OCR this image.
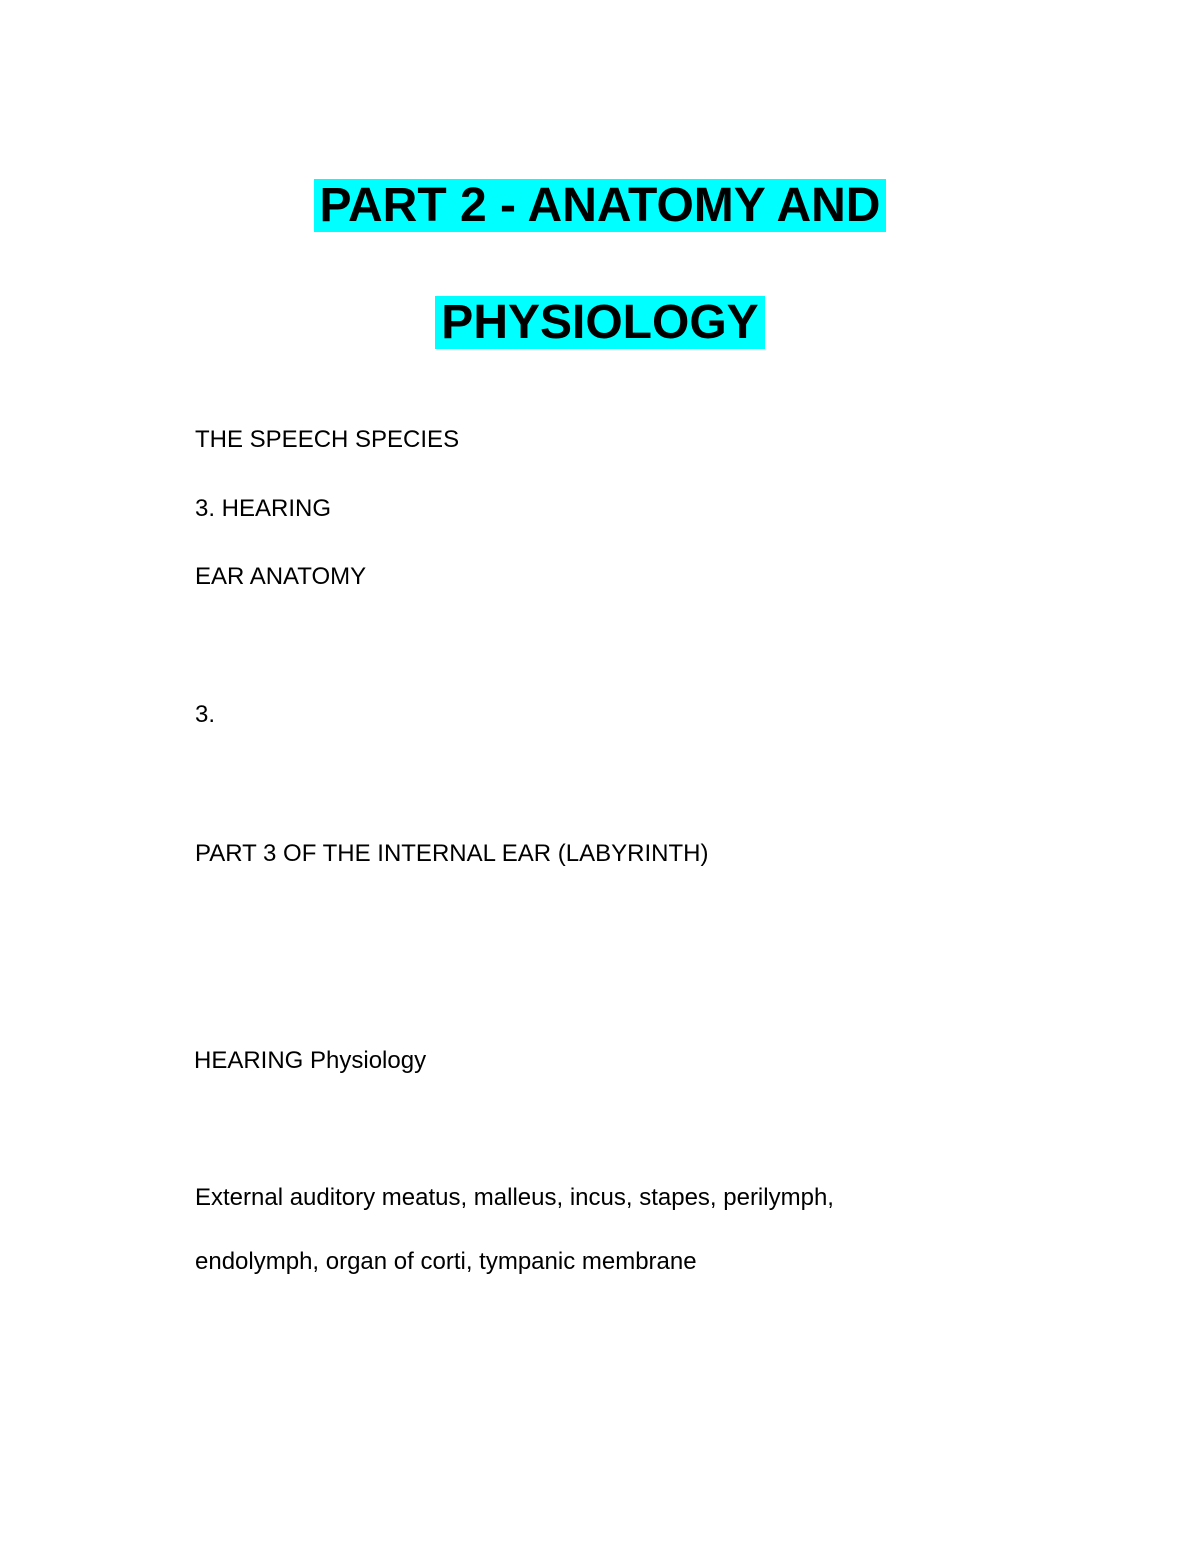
PART 2 - ANATOMY AND
PHYSIOLOGY
THE SPEECH SPECIES
3. HEARING
EAR ANATOMY
3.
PART 3 OF THE INTERNAL EAR (LABYRINTH)
HEARING Physiology
External auditory meatus, malleus, incus, stapes, perilymph,
endolymph, organ of corti, tympanic membrane
